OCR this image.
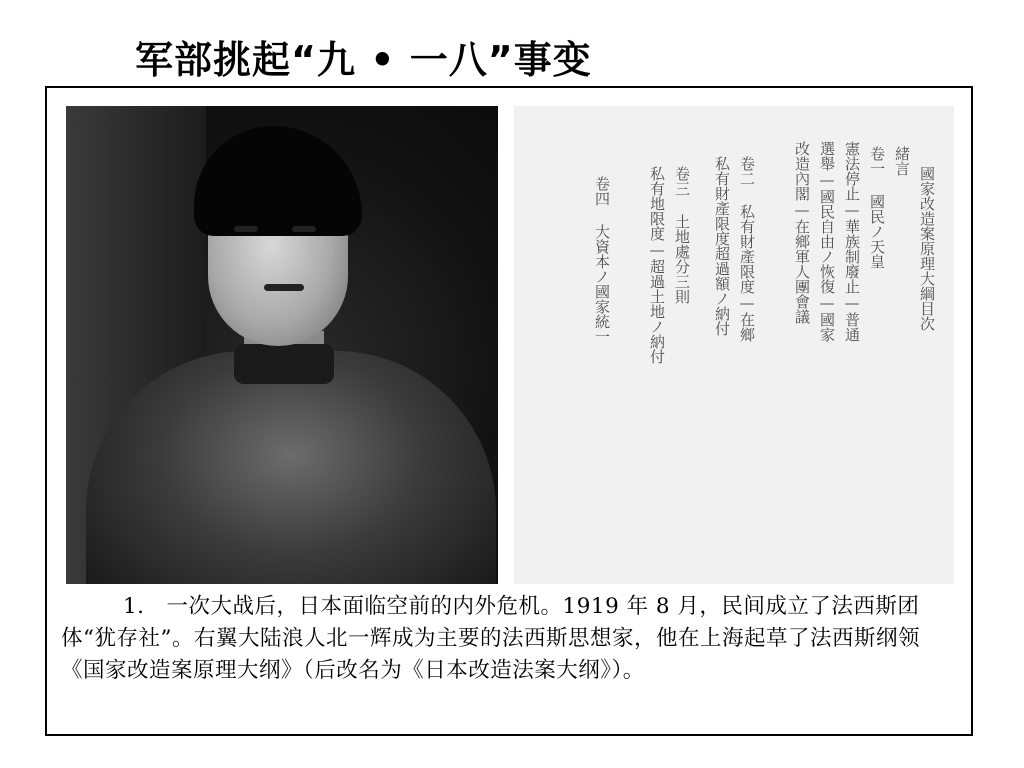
军部挑起“九 • 一八”事变
國家改造案原理大綱目次
緒言
卷一 國民ノ天皇
憲法停止—華族制廢止—普通
選舉—國民自由ノ恢復—國家
改造內閣—在鄉軍人團會議
卷二 私有財產限度—在鄉
私有財產限度超過額ノ納付
卷三 土地處分三則
私有地限度—超過土地ノ納付
卷四 大資本ノ國家統一

1. 一次大战后，日本面临空前的内外危机。1919 年 8 月，民间成立了法西斯团体“犹存社”。右翼大陆浪人北一辉成为主要的法西斯思想家，他在上海起草了法西斯纲领《国家改造案原理大纲》（后改名为《日本改造法案大纲》）。
